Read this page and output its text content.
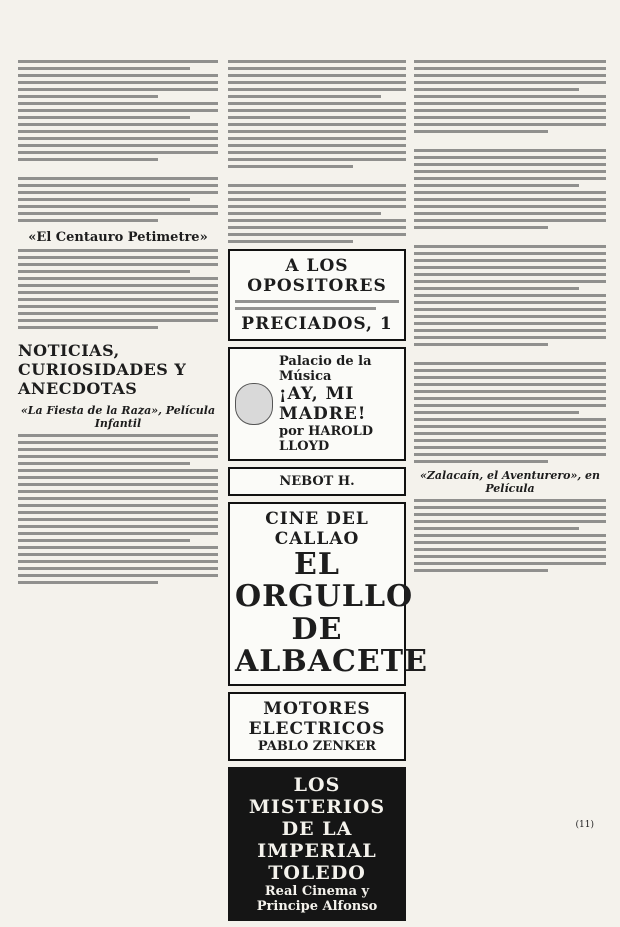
«El Centauro Petimetre»
NOTICIAS, CURIOSIDADES Y ANECDOTAS
«La Fiesta de la Raza», Película Infantil
A LOS OPOSITORES
PRECIADOS, 1
Palacio de la Música
¡AY, MI MADRE!
por HAROLD LLOYD
NEBOT H.
CINE DEL CALLAO
EL ORGULLO DE ALBACETE
MOTORES ELECTRICOS
PABLO ZENKER
LOS MISTERIOS DE LA IMPERIAL TOLEDO
Real Cinema y Principe Alfonso
«Zalacaín, el Aventurero», en Película
(11)
